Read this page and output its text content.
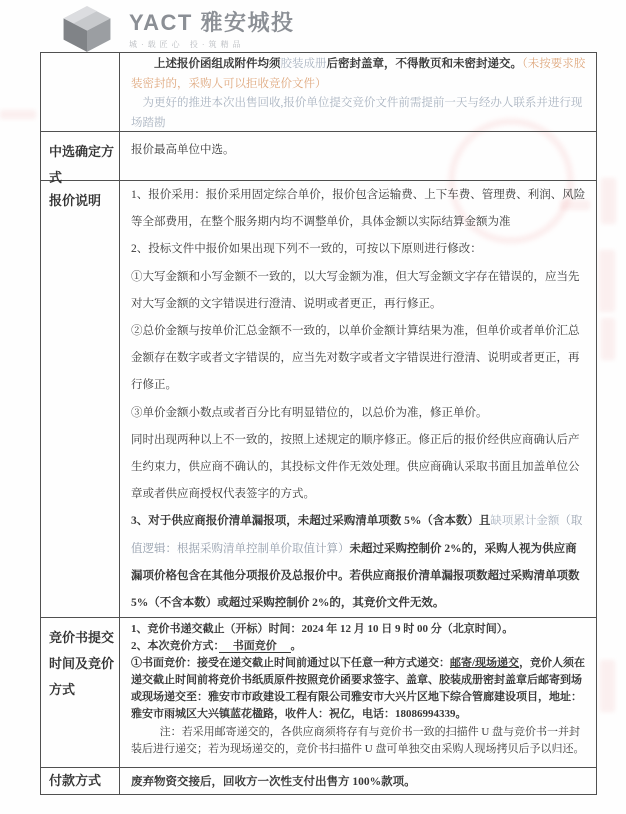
YACT 雅安城投
城·载匠心 投·筑精品

上述报价函组成附件均须胶装成册后密封盖章，不得散页和未密封递交。（未按要求胶装密封的，采购人可以拒收竞价文件）

为更好的推进本次出售回收,报价单位提交竞价文件前需提前一天与经办人联系并进行现场踏勘

中选确定方式
报价最高单位中选。
报价说明	1、报价采用：报价采用固定综合单价，报价包含运输费、上下车费、管理费、利润、风险等全部费用，在整个服务期内均不调整单价，具体金额以实际结算金额为准

2、投标文件中报价如果出现下列不一致的，可按以下原则进行修改：

①大写金额和小写金额不一致的，以大写金额为准，但大写金额文字存在错误的，应当先对大写金额的文字错误进行澄清、说明或者更正，再行修正。

②总价金额与按单价汇总金额不一致的，以单价金额计算结果为准，但单价或者单价汇总金额存在数字或者文字错误的，应当先对数字或者文字错误进行澄清、说明或者更正，再行修正。

③单价金额小数点或者百分比有明显错位的，以总价为准，修正单价。

同时出现两种以上不一致的，按照上述规定的顺序修正。修正后的报价经供应商确认后产生约束力，供应商不确认的，其投标文件作无效处理。供应商确认采取书面且加盖单位公章或者供应商授权代表签字的方式。

3、对于供应商报价清单漏报项，未超过采购清单项数 5%（含本数）且缺项累计金额（取值逻辑：根据采购清单控制单价取值计算）未超过采购控制价 2%的，采购人视为供应商漏项价格包含在其他分项报价及总报价中。若供应商报价清单漏报项数超过采购清单项数 5%（不含本数）或超过采购控制价 2%的，其竞价文件无效。

竞价书提交时间及竞价方式

1、竞价书递交截止（开标）时间：2024 年 12 月 10 日 9 时 00 分（北京时间）。

2、本次竞价方式：　 书面竞价 　。

①书面竞价：接受在递交截止时间前通过以下任意一种方式递交：邮寄/现场递交，竞价人须在递交截止时间前将竞价书纸质原件按照竞价函要求签字、盖章、胶装成册密封盖章后邮寄到场或现场递交至：雅安市市政建设工程有限公司雅安市大兴片区地下综合管廊建设项目，地址：雅安市雨城区大兴镇蓝花楹路，收件人：祝亿，电话：18086994339。

注：若采用邮寄递交的，各供应商须将存有与竞价书一致的扫描件 U 盘与竞价书一并封装后进行递交；若为现场递交的，竞价书扫描件 U 盘可单独交由采购人现场拷贝后予以归还。

付款方式	废弃物资交接后，回收方一次性支付出售方 100%款项。
